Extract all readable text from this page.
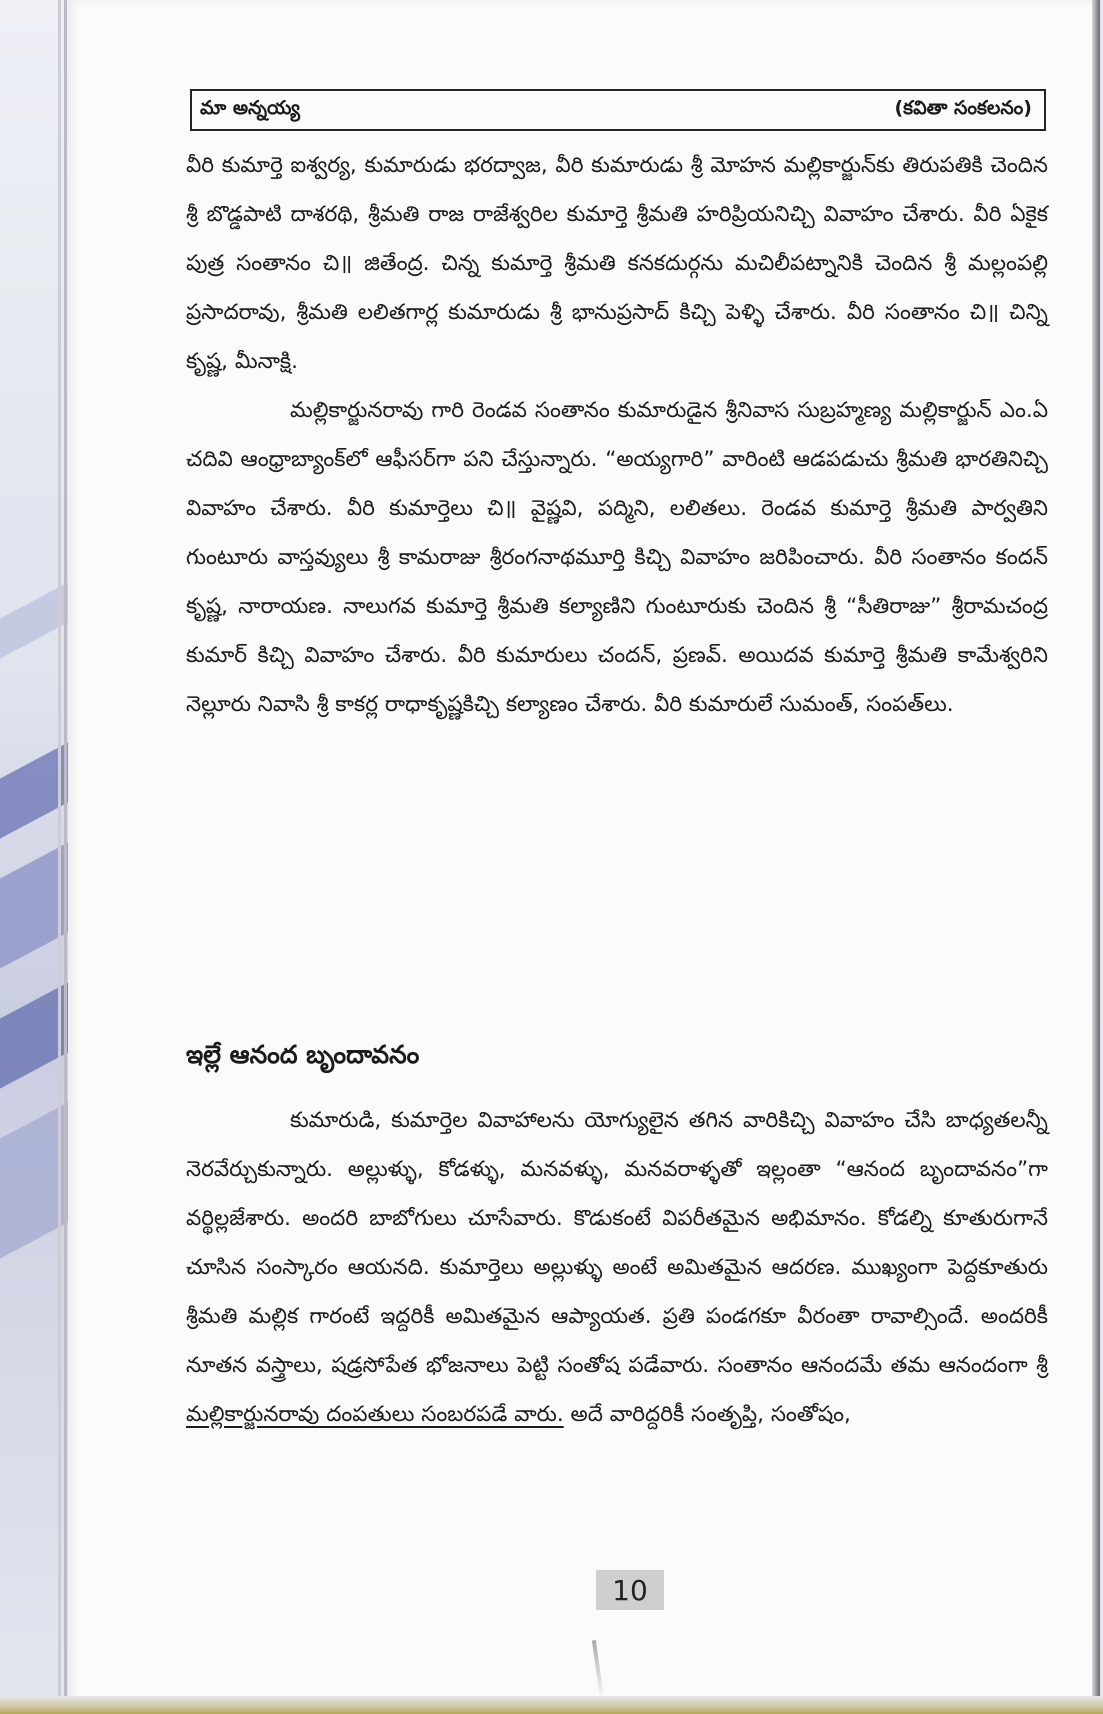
మా అన్నయ్య	(కవితా సంకలనం)

వీరి కుమార్తె ఐశ్వర్య, కుమారుడు భరద్వాజ, వీరి కుమారుడు శ్రీ మోహన మల్లికార్జున్‌కు తిరుపతికి చెందిన శ్రీ బొడ్డపాటి దాశరథి, శ్రీమతి రాజ రాజేశ్వరిల కుమార్తె శ్రీమతి హరిప్రియనిచ్చి వివాహం చేశారు. వీరి ఏకైక పుత్ర సంతానం చి॥ జితేంద్ర. చిన్న కుమార్తె శ్రీమతి కనకదుర్గను మచిలీపట్నానికి చెందిన శ్రీ మల్లంపల్లి ప్రసాదరావు, శ్రీమతి లలితగార్ల కుమారుడు శ్రీ భానుప్రసాద్ కిచ్చి పెళ్ళి చేశారు. వీరి సంతానం చి॥ చిన్ని కృష్ణ, మీనాక్షి.

మల్లికార్జునరావు గారి రెండవ సంతానం కుమారుడైన శ్రీనివాస సుబ్రహ్మణ్య మల్లికార్జున్ ఎం.ఏ చదివి ఆంధ్రాబ్యాంక్‌లో ఆఫీసర్‌గా పని చేస్తున్నారు. “అయ్యగారి” వారింటి ఆడపడుచు శ్రీమతి భారతినిచ్చి వివాహం చేశారు. వీరి కుమార్తెలు చి॥ వైష్ణవి, పద్మిని, లలితలు. రెండవ కుమార్తె శ్రీమతి పార్వతిని గుంటూరు వాస్తవ్యులు శ్రీ కామరాజు శ్రీరంగనాథమూర్తి కిచ్చి వివాహం జరిపించారు. వీరి సంతానం కందన్ కృష్ణ, నారాయణ. నాలుగవ కుమార్తె శ్రీమతి కల్యాణిని గుంటూరుకు చెందిన శ్రీ “సీతిరాజు” శ్రీరామచంద్ర కుమార్ కిచ్చి వివాహం చేశారు. వీరి కుమారులు చందన్, ప్రణవ్. అయిదవ కుమార్తె శ్రీమతి కామేశ్వరిని నెల్లూరు నివాసి శ్రీ కాకర్ల రాధాకృష్ణకిచ్చి కల్యాణం చేశారు. వీరి కుమారులే సుమంత్, సంపత్‌లు.

ఇల్లే ఆనంద బృందావనం

కుమారుడి, కుమార్తెల వివాహాలను యోగ్యులైన తగిన వారికిచ్చి వివాహం చేసి బాధ్యతలన్నీ నెరవేర్చుకున్నారు. అల్లుళ్ళు, కోడళ్ళు, మనవళ్ళు, మనవరాళ్ళతో ఇల్లంతా “ఆనంద బృందావనం”గా వర్థిల్లజేశారు. అందరి బాబోగులు చూసేవారు. కొడుకంటే విపరీతమైన అభిమానం. కోడల్ని కూతురుగానే చూసిన సంస్కారం ఆయనది. కుమార్తెలు అల్లుళ్ళు అంటే అమితమైన ఆదరణ. ముఖ్యంగా పెద్దకూతురు శ్రీమతి మల్లిక గారంటే ఇద్దరికీ అమితమైన ఆప్యాయత. ప్రతి పండగకూ వీరంతా రావాల్సిందే. అందరికీ నూతన వస్త్రాలు, షడ్రసోపేత భోజనాలు పెట్టి సంతోష పడేవారు. సంతానం ఆనందమే తమ ఆనందంగా శ్రీ మల్లికార్జునరావు దంపతులు సంబరపడే వారు. అదే వారిద్దరికీ సంతృప్తి, సంతోషం,

10
